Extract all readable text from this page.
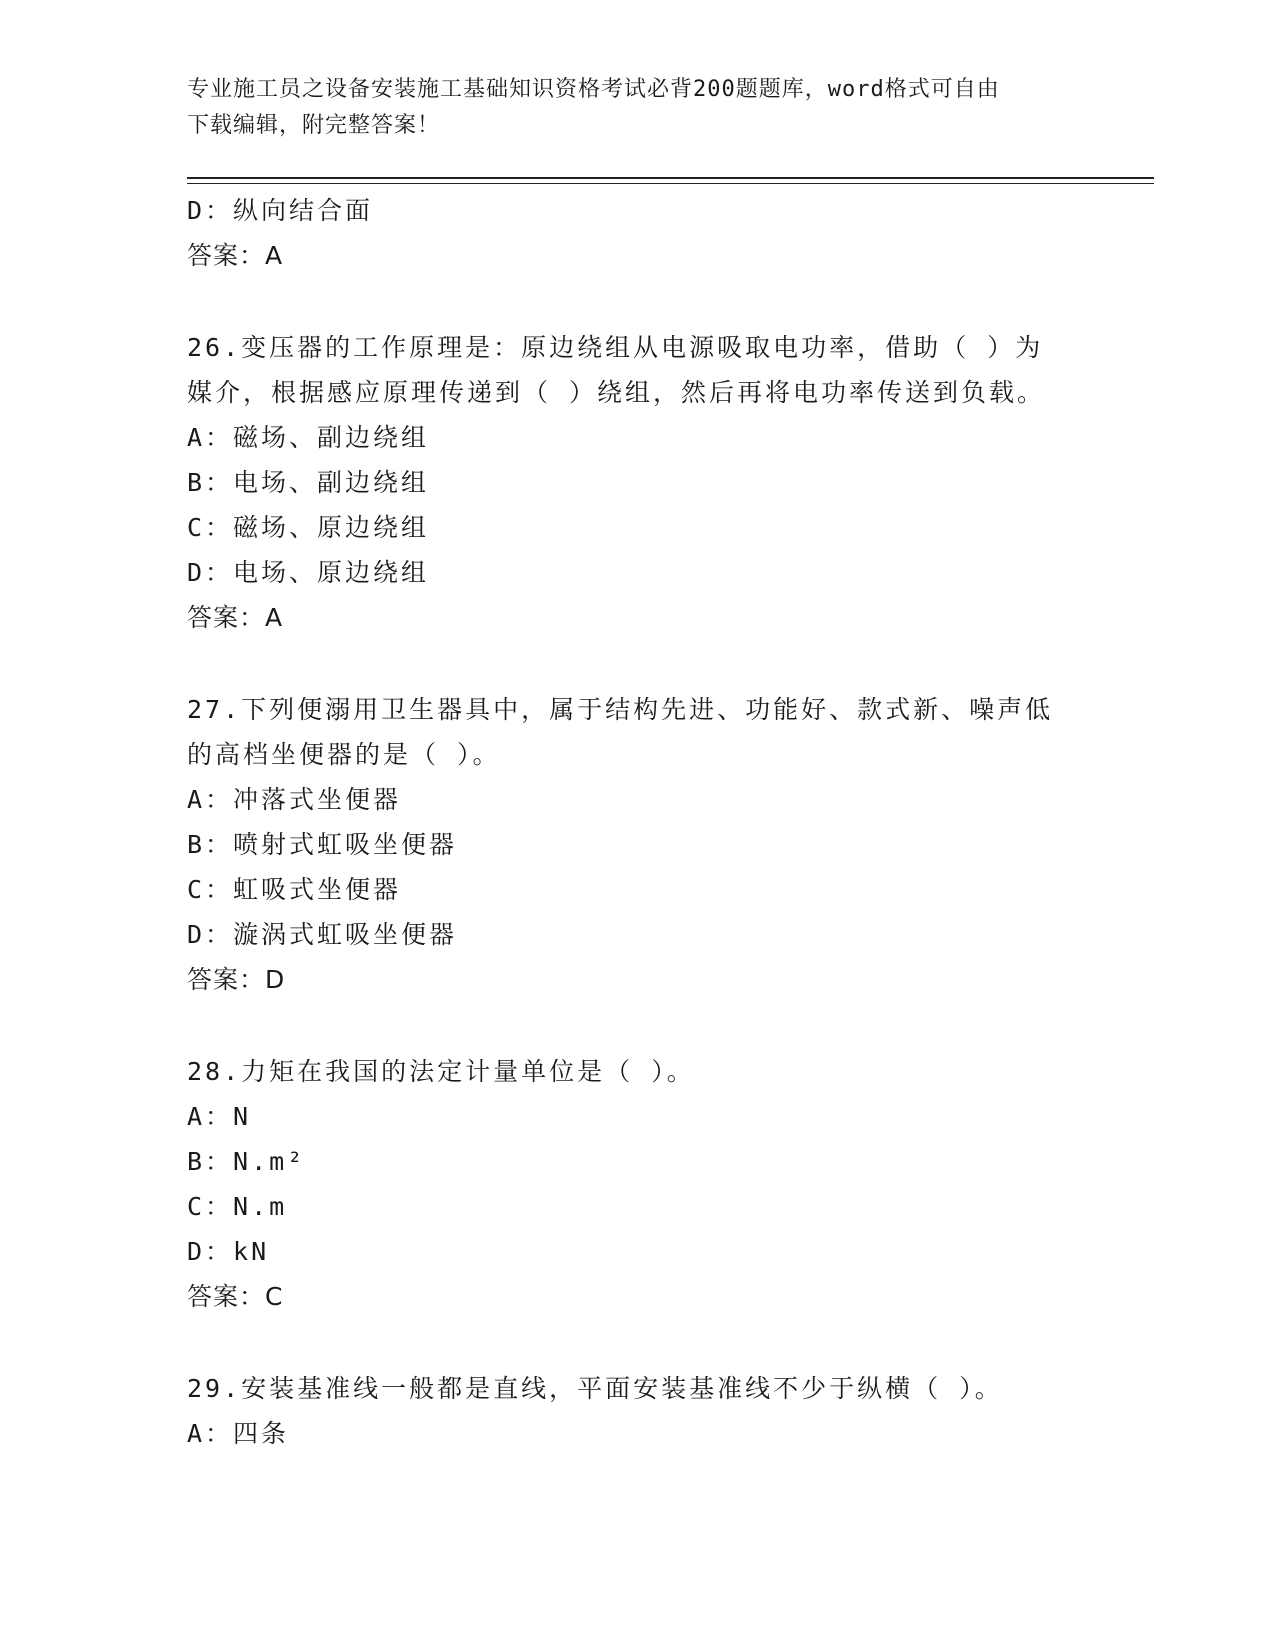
专业施工员之设备安装施工基础知识资格考试必背200题题库，word格式可自由
下载编辑，附完整答案！
D：纵向结合面
答案：A
26.变压器的工作原理是：原边绕组从电源吸取电功率，借助（ ）为
媒介，根据感应原理传递到（ ）绕组，然后再将电功率传送到负载。
A：磁场、副边绕组
B：电场、副边绕组
C：磁场、原边绕组
D：电场、原边绕组
答案：A
27.下列便溺用卫生器具中，属于结构先进、功能好、款式新、噪声低
的高档坐便器的是（ ）。
A：冲落式坐便器
B：喷射式虹吸坐便器
C：虹吸式坐便器
D：漩涡式虹吸坐便器
答案：D
28.力矩在我国的法定计量单位是（ ）。
A：N
B：N.m²
C：N.m
D：kN
答案：C
29.安装基准线一般都是直线，平面安装基准线不少于纵横（ ）。
A：四条
